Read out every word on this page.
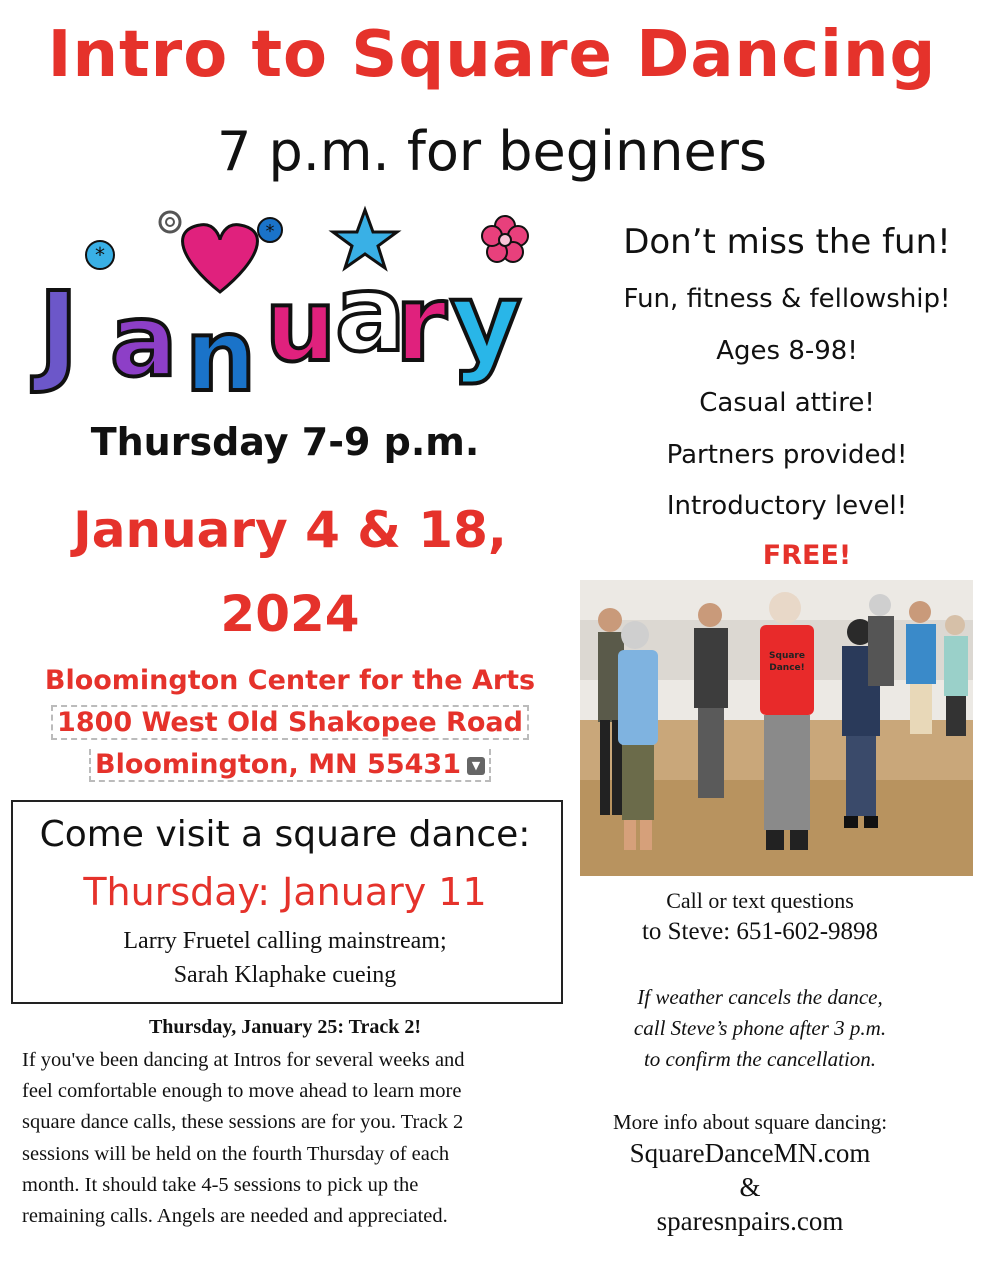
Intro to Square Dancing
7 p.m. for beginners
*
*
J a n u
a
r y
Thursday 7-9 p.m.
January 4 & 18,
2024
Bloomington Center for the Arts
1800 West Old Shakopee Road
Bloomington, MN 55431 ▼
Come visit a square dance:
Thursday: January 11
Larry Fruetel calling mainstream;
Sarah Klaphake cueing
Thursday, January 25: Track 2!
If you've been dancing at Intros for several weeks and
feel comfortable enough to move ahead to learn more
square dance calls, these sessions are for you. Track 2
sessions will be held on the fourth Thursday of each
month. It should take 4-5 sessions to pick up the
remaining calls. Angels are needed and appreciated.
Don’t miss the fun!
Fun, fitness & fellowship!
Ages 8-98!
Casual attire!
Partners provided!
Introductory level!
FREE!
Square
Dance!
Call or text questions
to Steve: 651-602-9898
If weather cancels the dance,
call Steve’s phone after 3 p.m.
to confirm the cancellation.
More info about square dancing:
SquareDanceMN.com
&
sparesnpairs.com
